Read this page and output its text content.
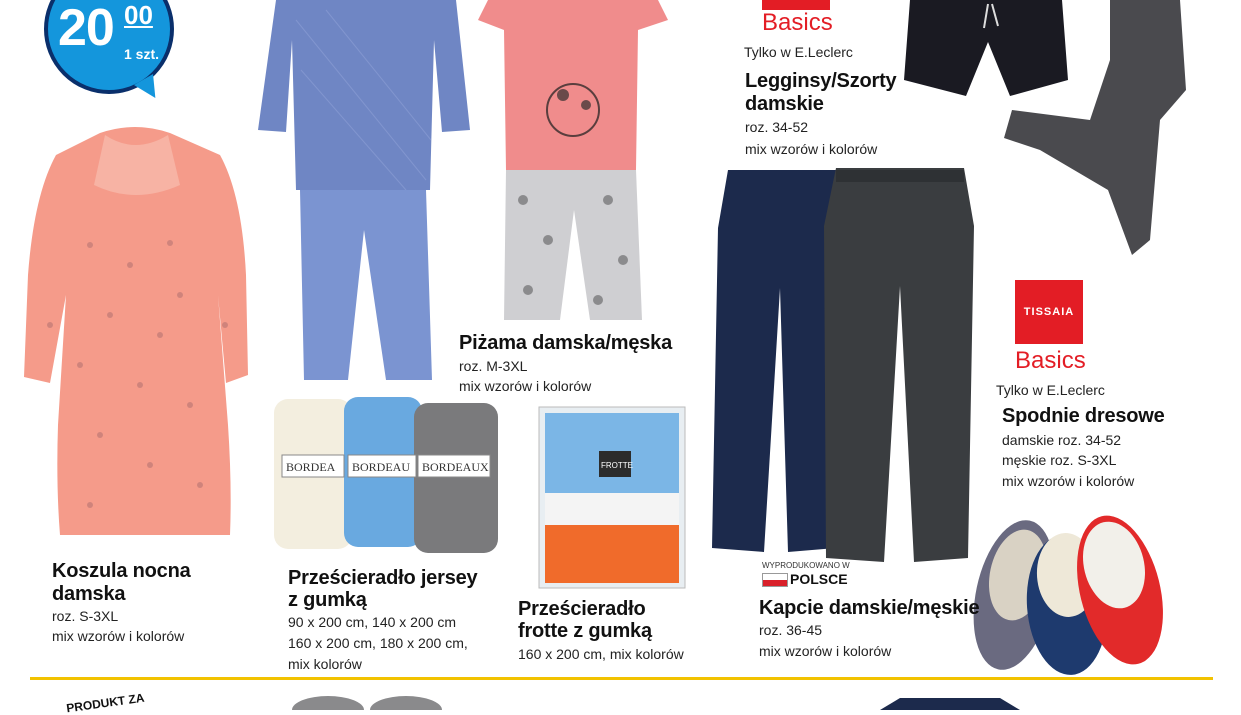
20 00
1 szt.
BORDEA BORDEAU BORDEAUX	FROTTE
Basics
TISSAIA
Basics
Koszula nocna
damska
roz. S-3XL
mix wzorów i kolorów
Piżama damska/męska
roz. M-3XL
mix wzorów i kolorów
Prześcieradło jersey
z gumką
90 x 200 cm, 140 x 200 cm
160 x 200 cm, 180 x 200 cm,
mix kolorów
Prześcieradło
frotte z gumką
160 x 200 cm, mix kolorów
Tylko w E.Leclerc
Legginsy/Szorty
damskie
roz. 34-52
mix wzorów i kolorów
WYPRODUKOWANO W
POLSCE
Kapcie damskie/męskie
roz. 36-45
mix wzorów i kolorów
Tylko w E.Leclerc
Spodnie dresowe
damskie roz. 34-52
męskie roz. S-3XL
mix wzorów i kolorów
PRODUKT ZA
